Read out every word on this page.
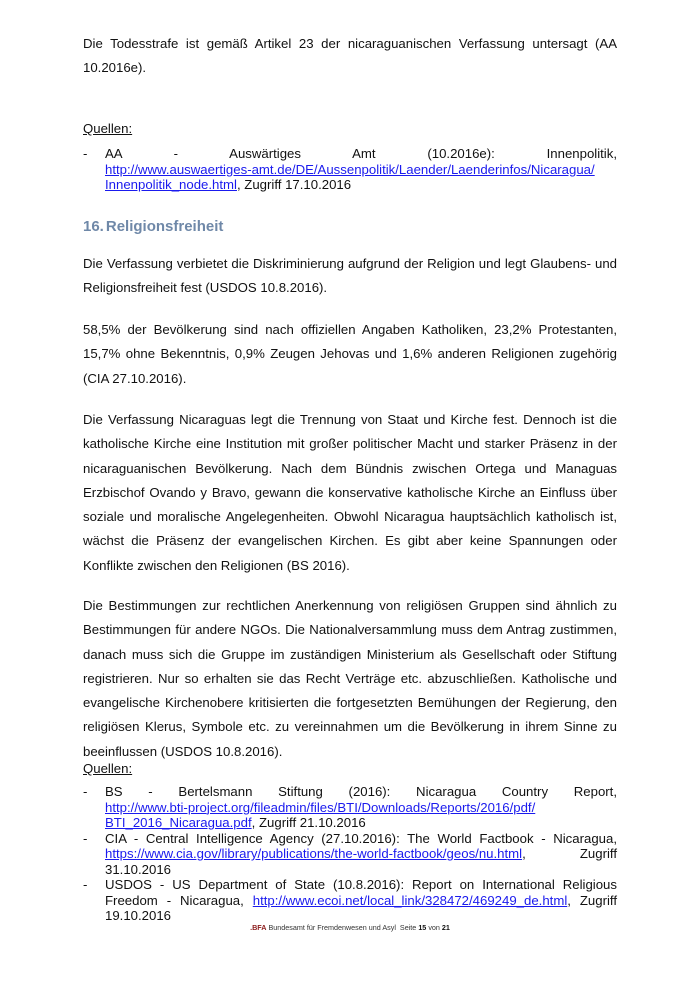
Die Todesstrafe ist gemäß Artikel 23 der nicaraguanischen Verfassung untersagt (AA 10.2016e).

Quellen:

- AA - Auswärtiges Amt (10.2016e): Innenpolitik,
http://www.auswaertiges-amt.de/DE/Aussenpolitik/Laender/Laenderinfos/Nicaragua/
Innenpolitik_node.html, Zugriff 17.10.2016
16. Religionsfreiheit

Die Verfassung verbietet die Diskriminierung aufgrund der Religion und legt Glaubens- und Religionsfreiheit fest (USDOS 10.8.2016).

58,5% der Bevölkerung sind nach offiziellen Angaben Katholiken, 23,2% Protestanten, 15,7% ohne Bekenntnis, 0,9% Zeugen Jehovas und 1,6% anderen Religionen zugehörig (CIA 27.10.2016).

Die Verfassung Nicaraguas legt die Trennung von Staat und Kirche fest. Dennoch ist die katholische Kirche eine Institution mit großer politischer Macht und starker Präsenz in der nicaraguanischen Bevölkerung. Nach dem Bündnis zwischen Ortega und Managuas Erzbischof Ovando y Bravo, gewann die konservative katholische Kirche an Einfluss über soziale und moralische Angelegenheiten. Obwohl Nicaragua hauptsächlich katholisch ist, wächst die Präsenz der evangelischen Kirchen. Es gibt aber keine Spannungen oder Konflikte zwischen den Religionen (BS 2016).

Die Bestimmungen zur rechtlichen Anerkennung von religiösen Gruppen sind ähnlich zu Bestimmungen für andere NGOs. Die Nationalversammlung muss dem Antrag zustimmen, danach muss sich die Gruppe im zuständigen Ministerium als Gesellschaft oder Stiftung registrieren. Nur so erhalten sie das Recht Verträge etc. abzuschließen. Katholische und evangelische Kirchenobere kritisierten die fortgesetzten Bemühungen der Regierung, den religiösen Klerus, Symbole etc. zu vereinnahmen um die Bevölkerung in ihrem Sinne zu beeinflussen (USDOS 10.8.2016).

Quellen:

- BS - Bertelsmann Stiftung (2016): Nicaragua Country Report,
http://www.bti-project.org/fileadmin/files/BTI/Downloads/Reports/2016/pdf/
BTI_2016_Nicaragua.pdf, Zugriff 21.10.2016
- CIA - Central Intelligence Agency (27.10.2016): The World Factbook - Nicaragua, https://www.cia.gov/library/publications/the-world-factbook/geos/nu.html, Zugriff 31.10.2016
- USDOS - US Department of State (10.8.2016): Report on International Religious Freedom - Nicaragua, http://www.ecoi.net/local_link/328472/469249_de.html, Zugriff 19.10.2016
.BFA Bundesamt für Fremdenwesen und Asyl Seite 15 von 21
